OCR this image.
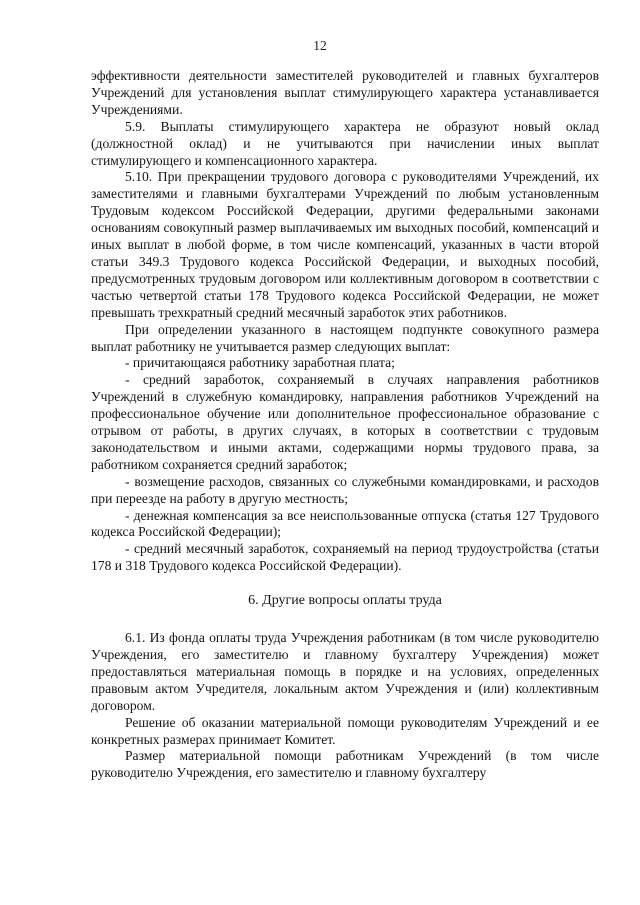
12

эффективности деятельности заместителей руководителей и главных бухгалтеров Учреждений для установления выплат стимулирующего характера устанавливается Учреждениями.

5.9. Выплаты стимулирующего характера не образуют новый оклад (должностной оклад) и не учитываются при начислении иных выплат стимулирующего и компенсационного характера.

5.10. При прекращении трудового договора с руководителями Учреждений, их заместителями и главными бухгалтерами Учреждений по любым установленным Трудовым кодексом Российской Федерации, другими федеральными законами основаниям совокупный размер выплачиваемых им выходных пособий, компенсаций и иных выплат в любой форме, в том числе компенсаций, указанных в части второй статьи 349.3 Трудового кодекса Российской Федерации, и выходных пособий, предусмотренных трудовым договором или коллективным договором в соответствии с частью четвертой статьи 178 Трудового кодекса Российской Федерации, не может превышать трехкратный средний месячный заработок этих работников.

При определении указанного в настоящем подпункте совокупного размера выплат работнику не учитывается размер следующих выплат:

- причитающаяся работнику заработная плата;

- средний заработок, сохраняемый в случаях направления работников Учреждений в служебную командировку, направления работников Учреждений на профессиональное обучение или дополнительное профессиональное образование с отрывом от работы, в других случаях, в которых в соответствии с трудовым законодательством и иными актами, содержащими нормы трудового права, за работником сохраняется средний заработок;

- возмещение расходов, связанных со служебными командировками, и расходов при переезде на работу в другую местность;

- денежная компенсация за все неиспользованные отпуска (статья 127 Трудового кодекса Российской Федерации);

- средний месячный заработок, сохраняемый на период трудоустройства (статьи 178 и 318 Трудового кодекса Российской Федерации).

6. Другие вопросы оплаты труда

6.1. Из фонда оплаты труда Учреждения работникам (в том числе руководителю Учреждения, его заместителю и главному бухгалтеру Учреждения) может предоставляться материальная помощь в порядке и на условиях, определенных правовым актом Учредителя, локальным актом Учреждения и (или) коллективным договором.

Решение об оказании материальной помощи руководителям Учреждений и ее конкретных размерах принимает Комитет.

Размер материальной помощи работникам Учреждений (в том числе руководителю Учреждения, его заместителю и главному бухгалтеру
